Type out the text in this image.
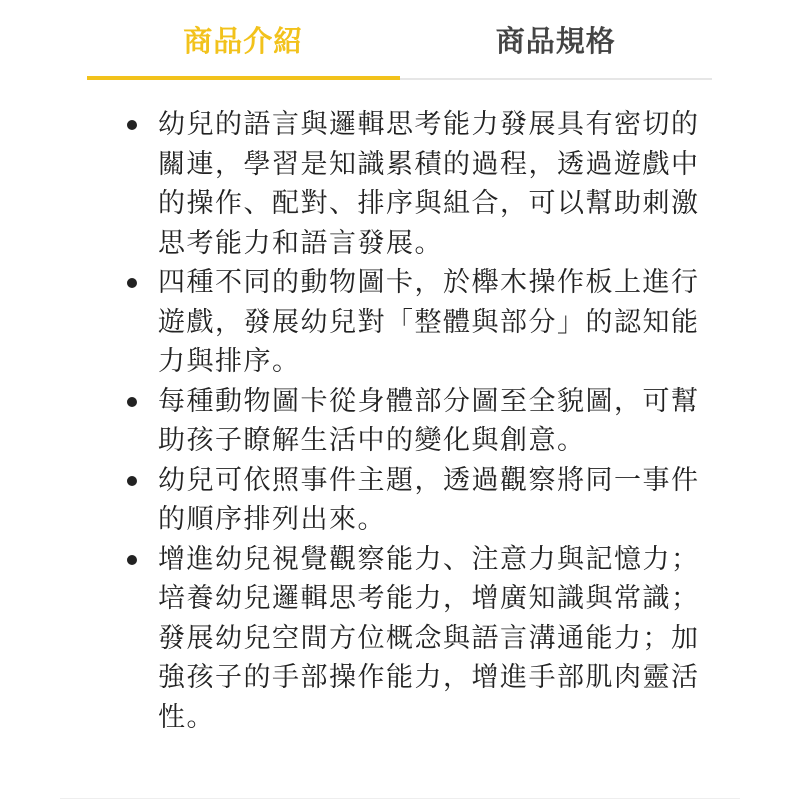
商品介紹	商品規格
幼兒的語言與邏輯思考能力發展具有密切的關連，學習是知識累積的過程，透過遊戲中的操作、配對、排序與組合，可以幫助刺激思考能力和語言發展。
四種不同的動物圖卡，於櫸木操作板上進行遊戲，發展幼兒對「整體與部分」的認知能力與排序。
每種動物圖卡從身體部分圖至全貌圖，可幫助孩子瞭解生活中的變化與創意。
幼兒可依照事件主題，透過觀察將同一事件的順序排列出來。
增進幼兒視覺觀察能力、注意力與記憶力；培養幼兒邏輯思考能力，增廣知識與常識；發展幼兒空間方位概念與語言溝通能力；加強孩子的手部操作能力，增進手部肌肉靈活性。
